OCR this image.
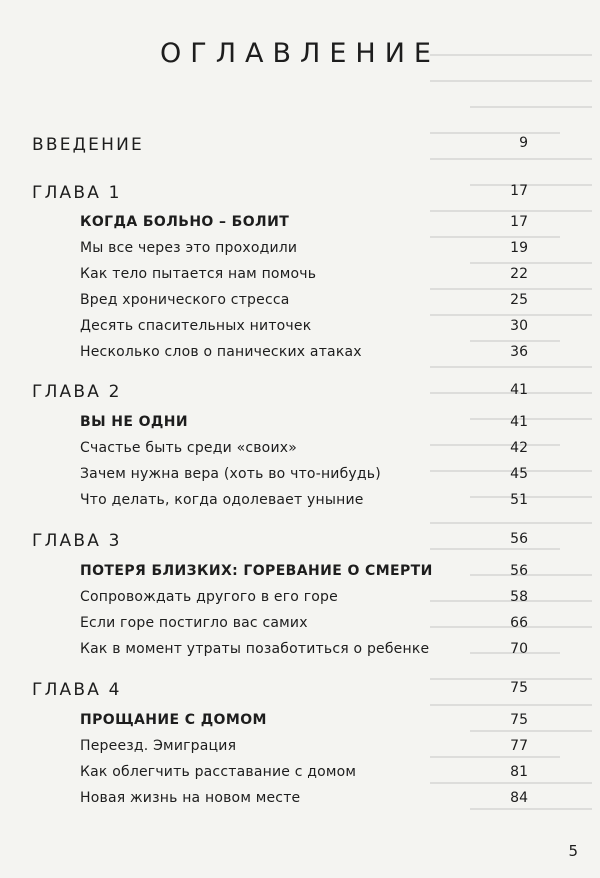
ОГЛАВЛЕНИЕ
ВВЕДЕНИЕ	9
ГЛАВА 1	17
КОГДА БОЛЬНО – БОЛИТ	17
Мы все через это проходили	19
Как тело пытается нам помочь	22
Вред хронического стресса	25
Десять спасительных ниточек	30
Несколько слов о панических атаках	36
ГЛАВА 2	41
ВЫ НЕ ОДНИ	41
Счастье быть среди «своих»	42
Зачем нужна вера (хоть во что-нибудь)	45
Что делать, когда одолевает уныние	51
ГЛАВА 3	56
ПОТЕРЯ БЛИЗКИХ: ГОРЕВАНИЕ О СМЕРТИ	56
Сопровождать другого в его горе	58
Если горе постигло вас самих	66
Как в момент утраты позаботиться о ребенке	70
ГЛАВА 4	75
ПРОЩАНИЕ С ДОМОМ	75
Переезд. Эмиграция	77
Как облегчить расставание с домом	81
Новая жизнь на новом месте	84
5
